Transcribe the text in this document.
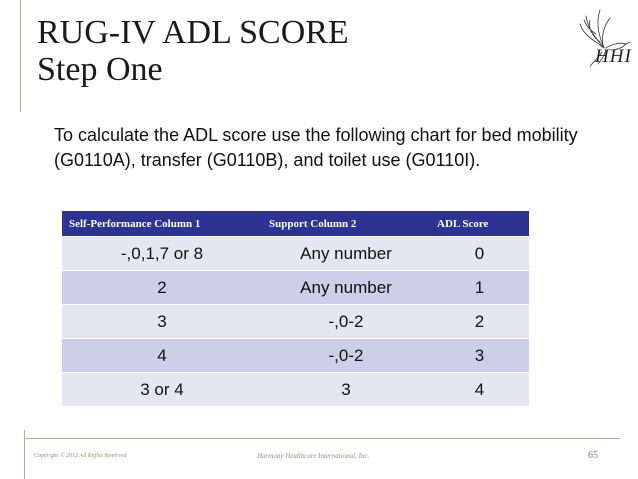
RUG-IV ADL SCORE
Step One	HHI

To calculate the ADL score use the following chart for bed mobility (G0110A), transfer (G0110B), and toilet use (G0110I).

Self-Performance Column 1	Support Column 2	ADL Score
-,0,1,7 or 8	Any number	0
2	Any number	1
3	-,0-2	2
4	-,0-2	3
3 or 4	3	4
Copyright © 2012 All Rights Reserved	Harmony Healthcare International, Inc.	65
